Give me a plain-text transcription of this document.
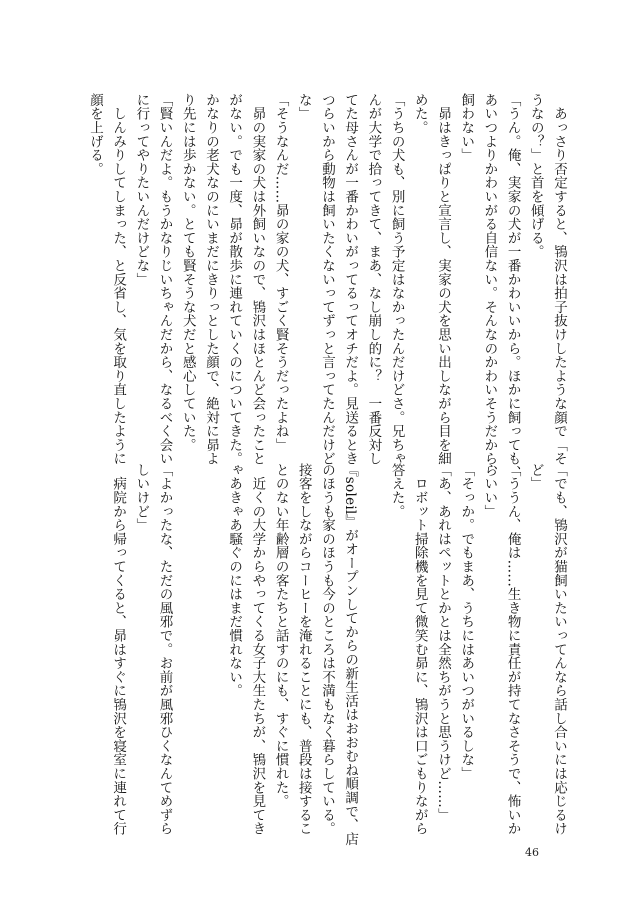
　あっさり否定すると、鴇沢は拍子抜けしたような顔で「そ
うなの？」と首を傾げる。
「うん。俺、実家の犬が一番かわいいから。ほかに飼っても、
あいつよりかわいがる自信ない。そんなのかわいそうだから、
飼わない」
　昴はきっぱりと宣言し、実家の犬を思い出しながら目を細
めた。
「うちの犬も、別に飼う予定はなかったんだけどさ。兄ちゃ
んが大学で拾ってきて、まあ、なし崩し的に？　一番反対し
てた母さんが一番かわいがってるってオチだよ。見送るとき
つらいから動物は飼いたくないってずっと言ってたんだけど
な」
「そうなんだ……昴の家の犬、すごく賢そうだったよね」
　昴の実家の犬は外飼いなので、鴇沢はほとんど会ったこと
がない。でも一度、昴が散歩に連れていくのについてきた。
かなりの老犬なのにいまだにきりっとした顔で、絶対に昴よ
り先には歩かない。とても賢そうな犬だと感心していた。
「賢いんだよ。もうかなりじいちゃんだから、なるべく会い
に行ってやりたいんだけどな」
　しんみりしてしまった、と反省し、気を取り直したように
顔を上げる。
「でも、鴇沢が猫飼いたいってんなら話し合いには応じるけ
ど」
「ううん、俺は……生き物に責任が持てなさそうで、怖いか
らいい」
「そっか。でもまあ、うちにはあいつがいるしな」
「あ、あれはペットとかとは全然ちがうと思うけど……」
　ロボット掃除機を見て微笑む昴に、鴇沢は口ごもりながら
答えた。

『soleil』がオープンしてからの新生活はおおむね順調で、店
のほうも家のほうも今のところは不満もなく暮らしている。
接客をしながらコーヒーを淹れることにも、普段は接するこ
とのない年齢層の客たちと話すのにも、すぐに慣れた。
　近くの大学からやってくる女子大生たちが、鴇沢を見てき
ゃあきゃあ騒ぐのにはまだ慣れない。

「よかったな、ただの風邪で。お前が風邪ひくなんてめずら
しいけど」
　病院から帰ってくると、昴はすぐに鴇沢を寝室に連れて行
46
